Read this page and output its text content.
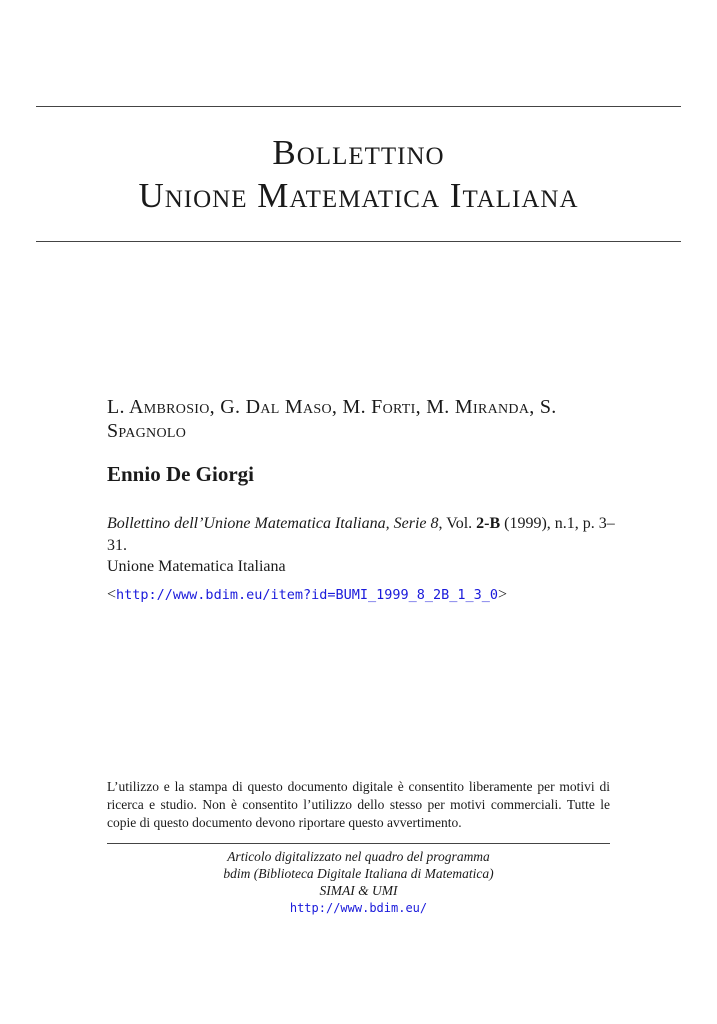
Bollettino
Unione Matematica Italiana
L. Ambrosio, G. Dal Maso, M. Forti, M. Miranda, S. Spagnolo
Ennio De Giorgi
Bollettino dell’Unione Matematica Italiana, Serie 8, Vol. 2-B (1999), n.1, p. 3–31.
Unione Matematica Italiana
<http://www.bdim.eu/item?id=BUMI_1999_8_2B_1_3_0>
L’utilizzo e la stampa di questo documento digitale è consentito liberamente per motivi di ricerca e studio. Non è consentito l’utilizzo dello stesso per motivi commerciali. Tutte le copie di questo documento devono riportare questo avvertimento.
Articolo digitalizzato nel quadro del programma
bdim (Biblioteca Digitale Italiana di Matematica)
SIMAI & UMI
http://www.bdim.eu/
